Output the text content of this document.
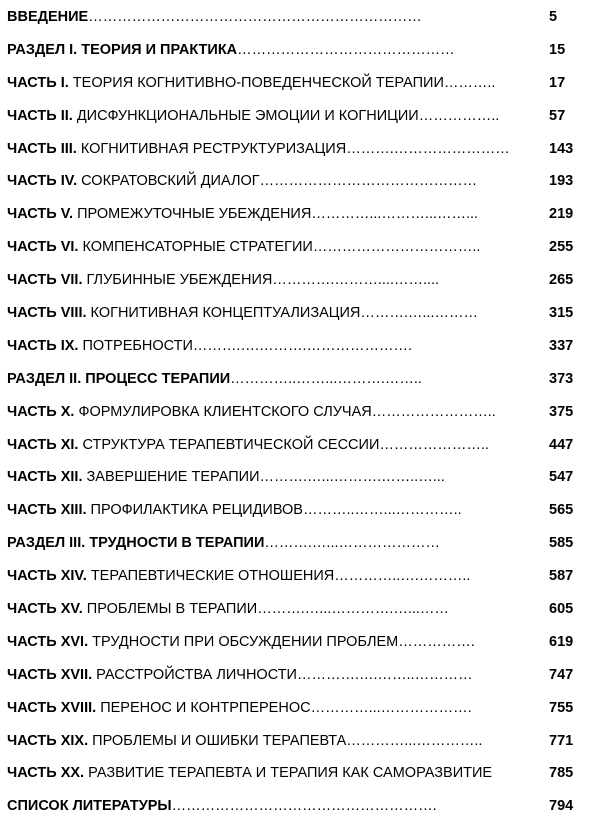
ВВЕДЕНИЕ……………………………………………………………	5
РАЗДЕЛ I. ТЕОРИЯ И ПРАКТИКА………………………………………	15
ЧАСТЬ I. ТЕОРИЯ КОГНИТИВНО-ПОВЕДЕНЧЕСКОЙ ТЕРАПИИ………..	17
ЧАСТЬ II. ДИСФУНКЦИОНАЛЬНЫЕ ЭМОЦИИ И КОГНИЦИИ……………..	57
ЧАСТЬ III. КОГНИТИВНАЯ РЕСТРУКТУРИЗАЦИЯ……….……………………	143
ЧАСТЬ IV. СОКРАТОВСКИЙ ДИАЛОГ………………………………………	193
ЧАСТЬ V. ПРОМЕЖУТОЧНЫЕ УБЕЖДЕНИЯ…………...………...……...	219
ЧАСТЬ VI. КОМПЕНСАТОРНЫЕ СТРАТЕГИИ……………………………..	255
ЧАСТЬ VII. ГЛУБИННЫЕ УБЕЖДЕНИЯ………….………....……....	265
ЧАСТЬ VIII. КОГНИТИВНАЯ КОНЦЕПТУАЛИЗАЦИЯ……….…...………	315
ЧАСТЬ IX. ПОТРЕБНОСТИ……….….……….………………….	337
РАЗДЕЛ II. ПРОЦЕСС ТЕРАПИИ…………..……...……….……..	373
ЧАСТЬ X. ФОРМУЛИРОВКА КЛИЕНТСКОГО СЛУЧАЯ……………………..	375
ЧАСТЬ XI. СТРУКТУРА ТЕРАПЕВТИЧЕСКОЙ СЕССИИ…………………..	447
ЧАСТЬ XII. ЗАВЕРШЕНИЕ ТЕРАПИИ……….…...……….……..…...	547
ЧАСТЬ XIII. ПРОФИЛАКТИКА РЕЦИДИВОВ………..……...…………..	565
РАЗДЕЛ III. ТРУДНОСТИ В ТЕРАПИИ……….…...…………………	585
ЧАСТЬ XIV. ТЕРАПЕВТИЧЕСКИЕ ОТНОШЕНИЯ…………..….………..	587
ЧАСТЬ XV. ПРОБЛЕМЫ В ТЕРАПИИ……….…...………….…...……	605
ЧАСТЬ XVI. ТРУДНОСТИ ПРИ ОБСУЖДЕНИИ ПРОБЛЕМ…………….	619
ЧАСТЬ XVII. РАССТРОЙСТВА ЛИЧНОСТИ………….….……..…………	747
ЧАСТЬ XVIII. ПЕРЕНОС И КОНТРПЕРЕНОС…………...……………….	755
ЧАСТЬ XIX. ПРОБЛЕМЫ И ОШИБКИ ТЕРАПЕВТА…………...…………..	771
ЧАСТЬ XX. РАЗВИТИЕ ТЕРАПЕВТА И ТЕРАПИЯ КАК САМОРАЗВИТИЕ	785
СПИСОК ЛИТЕРАТУРЫ……………………………………………….	794
